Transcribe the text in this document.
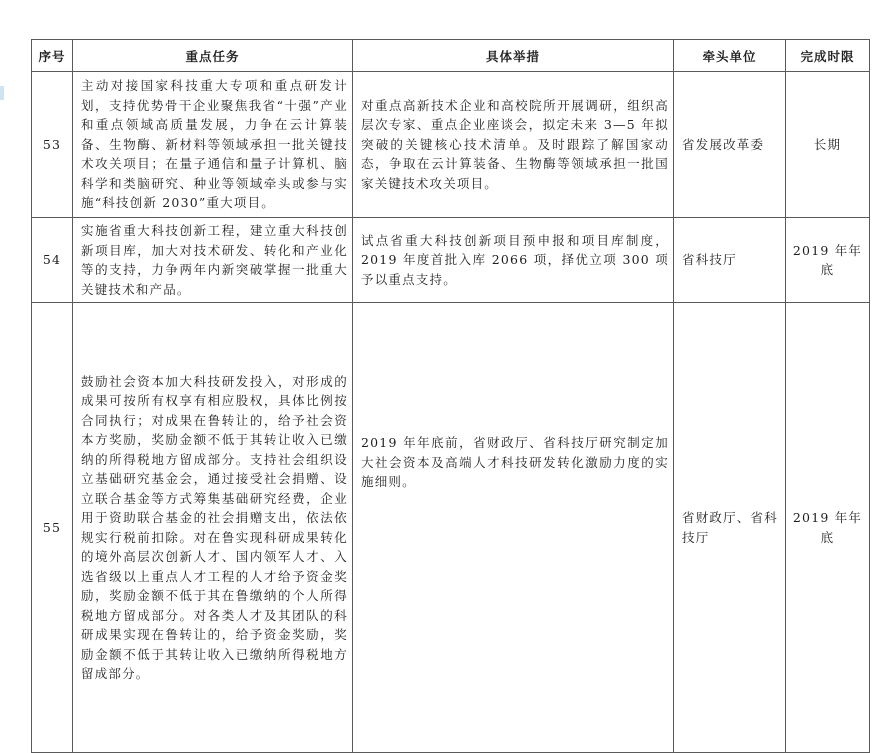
序号	重点任务	具体举措	牵头单位	完成时限
53	主动对接国家科技重大专项和重点研发计划，支持优势骨干企业聚焦我省“十强”产业和重点领域高质量发展，力争在云计算装备、生物酶、新材料等领域承担一批关键技术攻关项目；在量子通信和量子计算机、脑科学和类脑研究、种业等领域牵头或参与实施“科技创新 2030”重大项目。	对重点高新技术企业和高校院所开展调研，组织高层次专家、重点企业座谈会，拟定未来 3—5 年拟突破的关键核心技术清单。及时跟踪了解国家动态，争取在云计算装备、生物酶等领域承担一批国家关键技术攻关项目。	省发展改革委	长期
54	实施省重大科技创新工程，建立重大科技创新项目库，加大对技术研发、转化和产业化等的支持，力争两年内新突破掌握一批重大关键技术和产品。	试点省重大科技创新项目预申报和项目库制度，2019 年度首批入库 2066 项，择优立项 300 项予以重点支持。	省科技厅	2019 年年底
55	鼓励社会资本加大科技研发投入，对形成的成果可按所有权享有相应股权，具体比例按合同执行；对成果在鲁转让的，给予社会资本方奖励，奖励金额不低于其转让收入已缴纳的所得税地方留成部分。支持社会组织设立基础研究基金会，通过接受社会捐赠、设立联合基金等方式筹集基础研究经费，企业用于资助联合基金的社会捐赠支出，依法依规实行税前扣除。对在鲁实现科研成果转化的境外高层次创新人才、国内领军人才、入选省级以上重点人才工程的人才给予资金奖励，奖励金额不低于其在鲁缴纳的个人所得税地方留成部分。对各类人才及其团队的科研成果实现在鲁转让的，给予资金奖励，奖励金额不低于其转让收入已缴纳所得税地方留成部分。	2019 年年底前，省财政厅、省科技厅研究制定加大社会资本及高端人才科技研发转化激励力度的实施细则。	省财政厅、省科技厅	2019 年年底
